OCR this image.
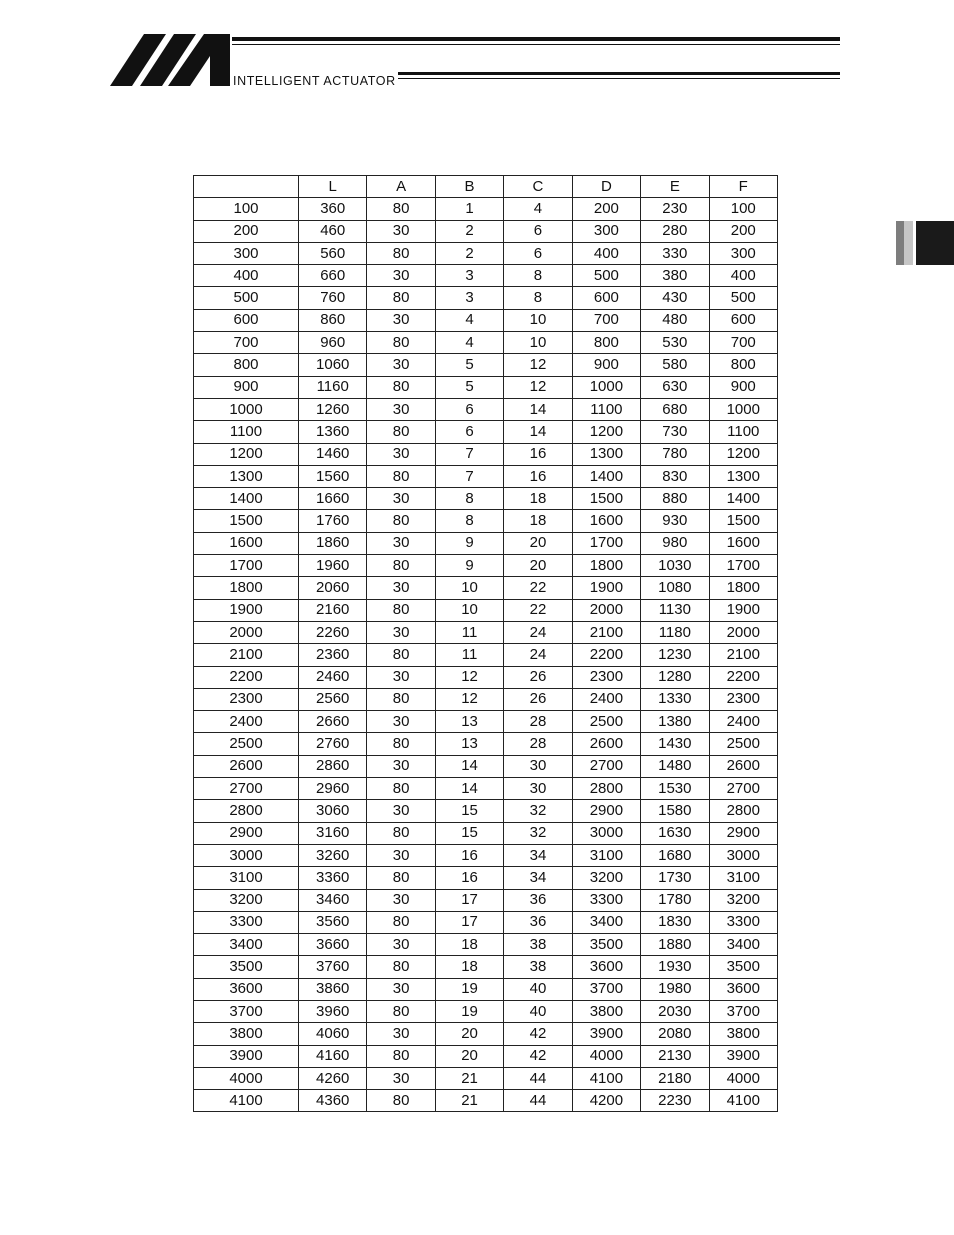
INTELLIGENT ACTUATOR
	L	A	B	C	D	E	F
100	360	80	1	4	200	230	100
200	460	30	2	6	300	280	200
300	560	80	2	6	400	330	300
400	660	30	3	8	500	380	400
500	760	80	3	8	600	430	500
600	860	30	4	10	700	480	600
700	960	80	4	10	800	530	700
800	1060	30	5	12	900	580	800
900	1160	80	5	12	1000	630	900
1000	1260	30	6	14	1100	680	1000
1100	1360	80	6	14	1200	730	1100
1200	1460	30	7	16	1300	780	1200
1300	1560	80	7	16	1400	830	1300
1400	1660	30	8	18	1500	880	1400
1500	1760	80	8	18	1600	930	1500
1600	1860	30	9	20	1700	980	1600
1700	1960	80	9	20	1800	1030	1700
1800	2060	30	10	22	1900	1080	1800
1900	2160	80	10	22	2000	1130	1900
2000	2260	30	11	24	2100	1180	2000
2100	2360	80	11	24	2200	1230	2100
2200	2460	30	12	26	2300	1280	2200
2300	2560	80	12	26	2400	1330	2300
2400	2660	30	13	28	2500	1380	2400
2500	2760	80	13	28	2600	1430	2500
2600	2860	30	14	30	2700	1480	2600
2700	2960	80	14	30	2800	1530	2700
2800	3060	30	15	32	2900	1580	2800
2900	3160	80	15	32	3000	1630	2900
3000	3260	30	16	34	3100	1680	3000
3100	3360	80	16	34	3200	1730	3100
3200	3460	30	17	36	3300	1780	3200
3300	3560	80	17	36	3400	1830	3300
3400	3660	30	18	38	3500	1880	3400
3500	3760	80	18	38	3600	1930	3500
3600	3860	30	19	40	3700	1980	3600
3700	3960	80	19	40	3800	2030	3700
3800	4060	30	20	42	3900	2080	3800
3900	4160	80	20	42	4000	2130	3900
4000	4260	30	21	44	4100	2180	4000
4100	4360	80	21	44	4200	2230	4100
